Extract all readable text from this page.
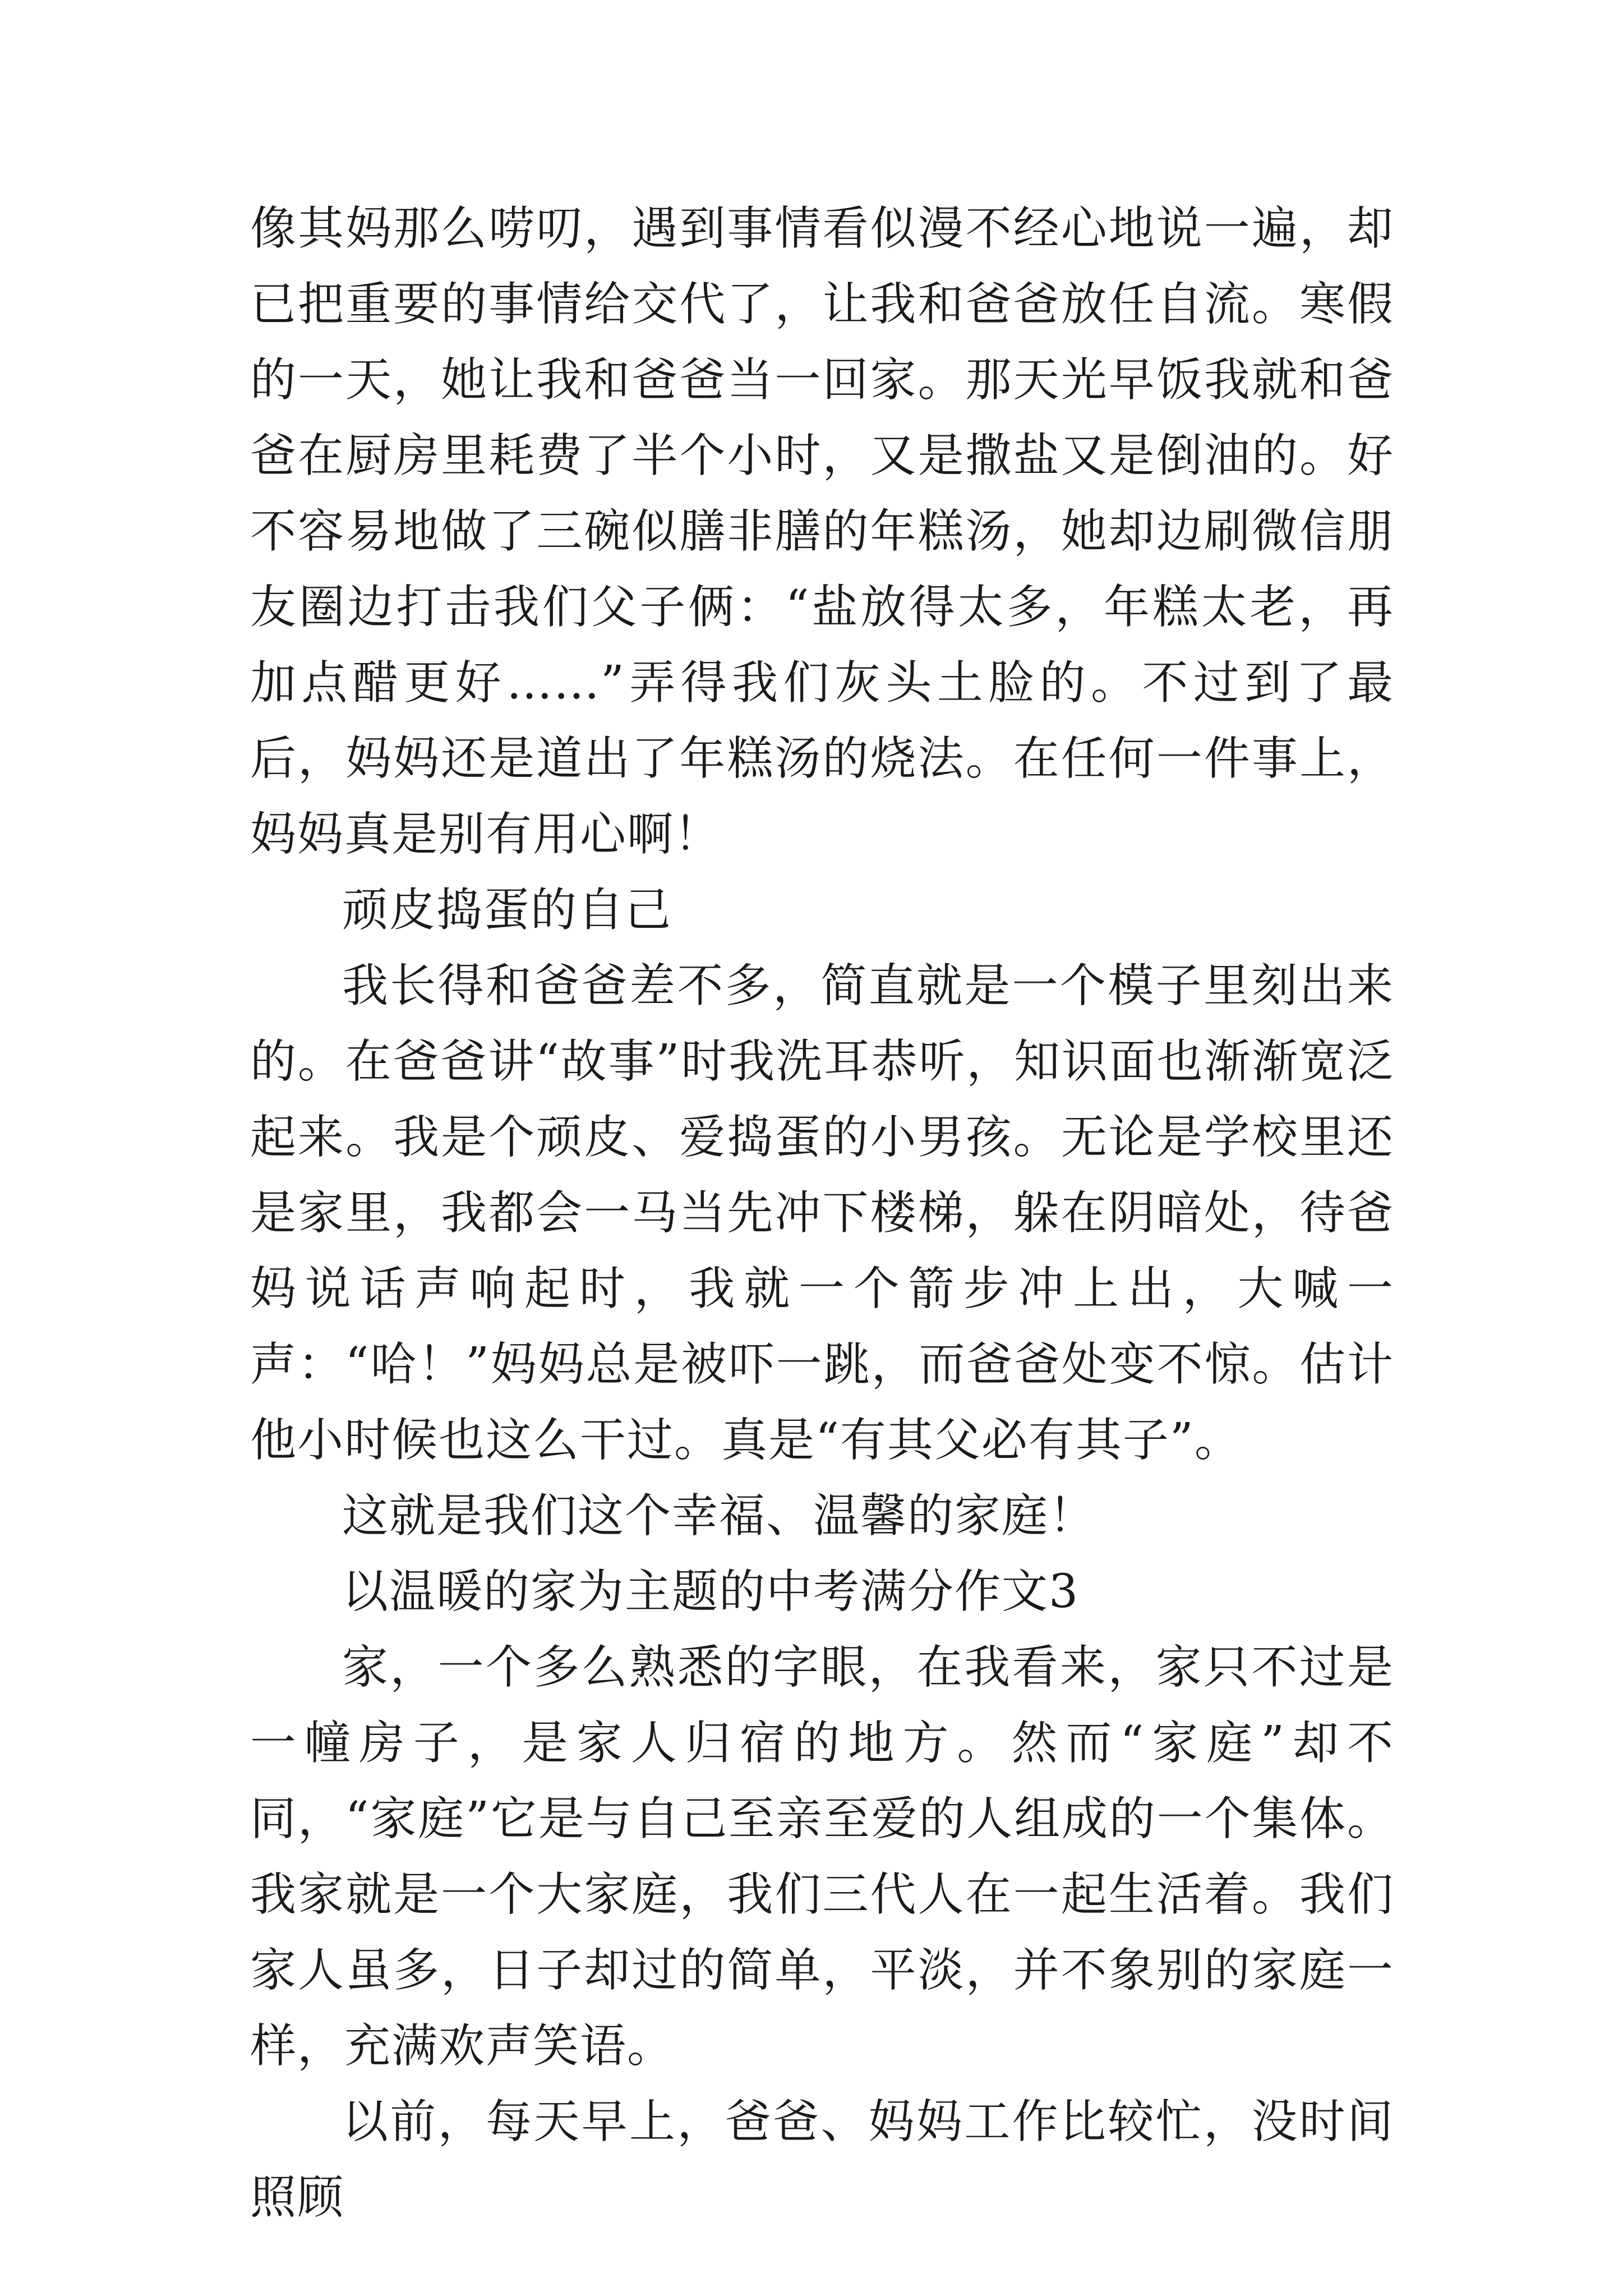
像其妈那么唠叨，遇到事情看似漫不经心地说一遍，却已把重要的事情给交代了，让我和爸爸放任自流。寒假的一天，她让我和爸爸当一回家。那天光早饭我就和爸爸在厨房里耗费了半个小时，又是撒盐又是倒油的。好不容易地做了三碗似膳非膳的年糕汤，她却边刷微信朋友圈边打击我们父子俩：“盐放得太多，年糕太老，再加点醋更好……”弄得我们灰头土脸的。不过到了最后，妈妈还是道出了年糕汤的烧法。在任何一件事上，妈妈真是别有用心啊！

顽皮捣蛋的自己

我长得和爸爸差不多，简直就是一个模子里刻出来的。在爸爸讲“故事”时我洗耳恭听，知识面也渐渐宽泛起来。我是个顽皮、爱捣蛋的小男孩。无论是学校里还是家里，我都会一马当先冲下楼梯，躲在阴暗处，待爸妈说话声响起时，我就一个箭步冲上出，大喊一声：“哈！”妈妈总是被吓一跳，而爸爸处变不惊。估计他小时候也这么干过。真是“有其父必有其子”。

这就是我们这个幸福、温馨的家庭！

以温暖的家为主题的中考满分作文3

家，一个多么熟悉的字眼，在我看来，家只不过是一幢房子，是家人归宿的地方。然而“家庭”却不同，“家庭”它是与自己至亲至爱的人组成的一个集体。我家就是一个大家庭，我们三代人在一起生活着。我们家人虽多，日子却过的简单，平淡，并不象别的家庭一样，充满欢声笑语。

以前，每天早上，爸爸、妈妈工作比较忙，没时间照顾
